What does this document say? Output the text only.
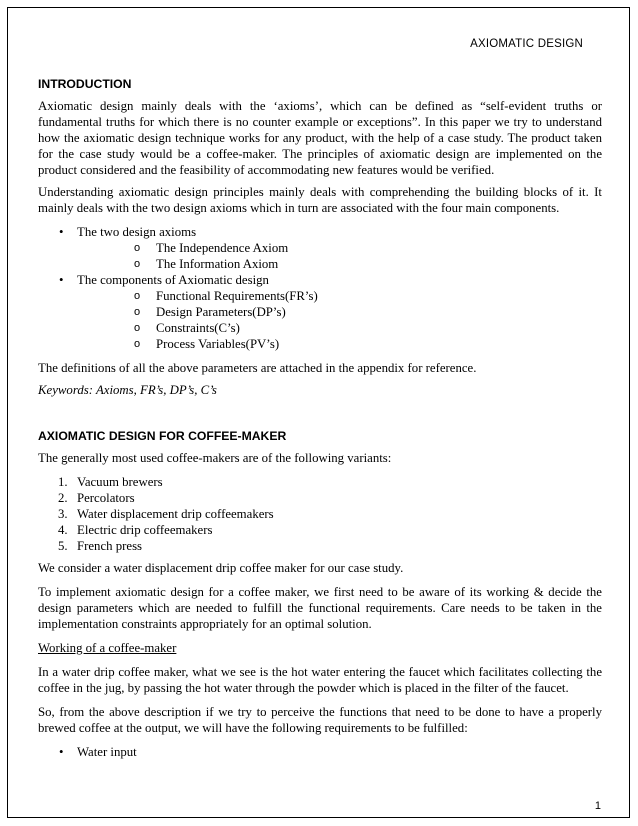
AXIOMATIC DESIGN
INTRODUCTION

Axiomatic design mainly deals with the ‘axioms’, which can be defined as “self-evident truths or fundamental truths for which there is no counter example or exceptions”. In this paper we try to understand how the axiomatic design technique works for any product, with the help of a case study. The product taken for the case study would be a coffee-maker. The principles of axiomatic design are implemented on the product considered and the feasibility of accommodating new features would be verified.

Understanding axiomatic design principles mainly deals with comprehending the building blocks of it. It mainly deals with the two design axioms which in turn are associated with the four main components.

• The two design axioms
o The Independence Axiom
o The Information Axiom
• The components of Axiomatic design
o Functional Requirements(FR’s)
o Design Parameters(DP’s)
o Constraints(C’s)
o Process Variables(PV’s)

The definitions of all the above parameters are attached in the appendix for reference.

Keywords: Axioms, FR’s, DP’s, C’s

AXIOMATIC DESIGN FOR COFFEE-MAKER

The generally most used coffee-makers are of the following variants:

1. Vacuum brewers
2. Percolators
3. Water displacement drip coffeemakers
4. Electric drip coffeemakers
5. French press

We consider a water displacement drip coffee maker for our case study.

To implement axiomatic design for a coffee maker, we first need to be aware of its working & decide the design parameters which are needed to fulfill the functional requirements. Care needs to be taken in the implementation constraints appropriately for an optimal solution.

Working of a coffee-maker

In a water drip coffee maker, what we see is the hot water entering the faucet which facilitates collecting the coffee in the jug, by passing the hot water through the powder which is placed in the filter of the faucet.

So, from the above description if we try to perceive the functions that need to be done to have a properly brewed coffee at the output, we will have the following requirements to be fulfilled:

• Water input
1
